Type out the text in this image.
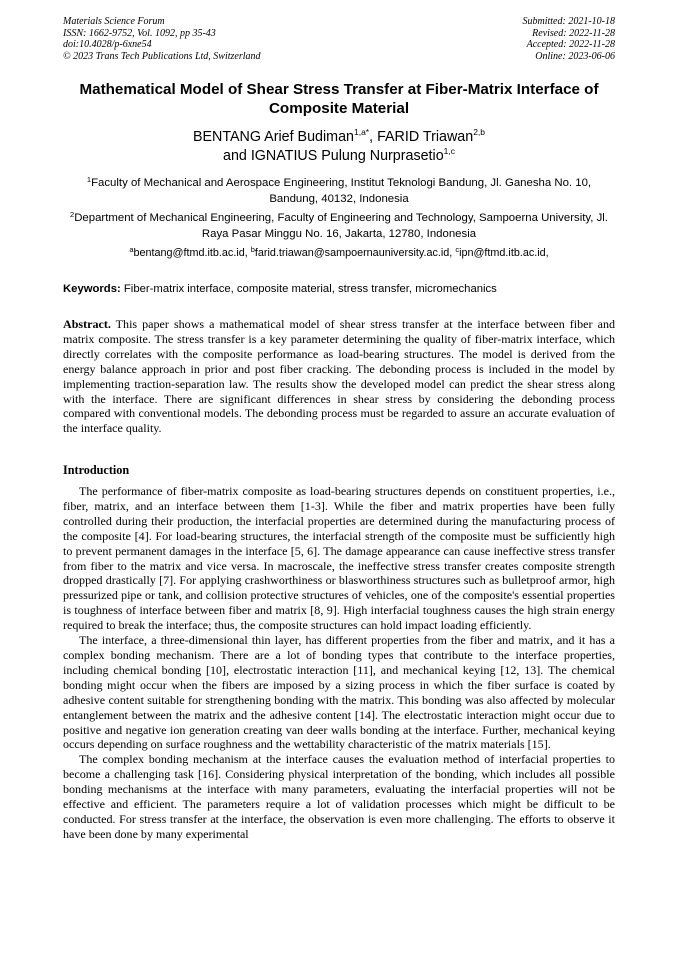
Materials Science Forum
ISSN: 1662-9752, Vol. 1092, pp 35-43
doi:10.4028/p-6xne54
© 2023 Trans Tech Publications Ltd, Switzerland
Submitted: 2021-10-18
Revised: 2022-11-28
Accepted: 2022-11-28
Online: 2023-06-06
Mathematical Model of Shear Stress Transfer at Fiber-Matrix Interface of Composite Material
BENTANG Arief Budiman$^{1,a*}$, FARID Triawan$^{2,b}$
and IGNATIUS Pulung Nurprasetio$^{1,c}$
$^1$Faculty of Mechanical and Aerospace Engineering, Institut Teknologi Bandung, Jl. Ganesha No. 10, Bandung, 40132, Indonesia
$^2$Department of Mechanical Engineering, Faculty of Engineering and Technology, Sampoerna University, Jl. Raya Pasar Minggu No. 16, Jakarta, 12780, Indonesia
$^a$bentang@ftmd.itb.ac.id, $^b$farid.triawan@sampoernauniversity.ac.id, $^c$ipn@ftmd.itb.ac.id,
Keywords: Fiber-matrix interface, composite material, stress transfer, micromechanics
Abstract. This paper shows a mathematical model of shear stress transfer at the interface between fiber and matrix composite. The stress transfer is a key parameter determining the quality of fiber-matrix interface, which directly correlates with the composite performance as load-bearing structures. The model is derived from the energy balance approach in prior and post fiber cracking. The debonding process is included in the model by implementing traction-separation law. The results show the developed model can predict the shear stress along with the interface. There are significant differences in shear stress by considering the debonding process compared with conventional models. The debonding process must be regarded to assure an accurate evaluation of the interface quality.
Introduction

The performance of fiber-matrix composite as load-bearing structures depends on constituent properties, i.e., fiber, matrix, and an interface between them [1-3]. While the fiber and matrix properties have been fully controlled during their production, the interfacial properties are determined during the manufacturing process of the composite [4]. For load-bearing structures, the interfacial strength of the composite must be sufficiently high to prevent permanent damages in the interface [5, 6]. The damage appearance can cause ineffective stress transfer from fiber to the matrix and vice versa. In macroscale, the ineffective stress transfer creates composite strength dropped drastically [7]. For applying crashworthiness or blasworthiness structures such as bulletproof armor, high pressurized pipe or tank, and collision protective structures of vehicles, one of the composite's essential properties is toughness of interface between fiber and matrix [8, 9]. High interfacial toughness causes the high strain energy required to break the interface; thus, the composite structures can hold impact loading efficiently.

The interface, a three-dimensional thin layer, has different properties from the fiber and matrix, and it has a complex bonding mechanism. There are a lot of bonding types that contribute to the interface properties, including chemical bonding [10], electrostatic interaction [11], and mechanical keying [12, 13]. The chemical bonding might occur when the fibers are imposed by a sizing process in which the fiber surface is coated by adhesive content suitable for strengthening bonding with the matrix. This bonding was also affected by molecular entanglement between the matrix and the adhesive content [14]. The electrostatic interaction might occur due to positive and negative ion generation creating van deer walls bonding at the interface. Further, mechanical keying occurs depending on surface roughness and the wettability characteristic of the matrix materials [15].

The complex bonding mechanism at the interface causes the evaluation method of interfacial properties to become a challenging task [16]. Considering physical interpretation of the bonding, which includes all possible bonding mechanisms at the interface with many parameters, evaluating the interfacial properties will not be effective and efficient. The parameters require a lot of validation processes which might be difficult to be conducted. For stress transfer at the interface, the observation is even more challenging. The efforts to observe it have been done by many experimental
